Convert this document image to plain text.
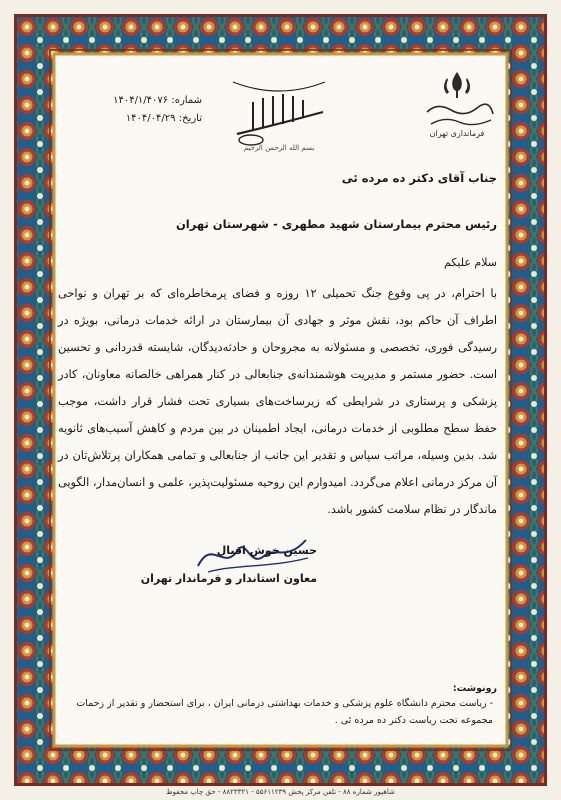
فرمانداری تهران
بسم الله الرحمن الرحیم
شماره: ۱۴۰۴/۱/۴۰۷۶
تاریخ: ۱۴۰۴/۰۴/۲۹
جناب آقای دکتر ده مرده ئی
رئیس محترم بیمارستان شهید مطهری - شهرستان تهران
سلام علیکم
با احترام، در پی وقوع جنگ تحمیلی ۱۲ روزه و فضای پرمخاطره‌ای که بر تهران و نواحی اطراف آن حاکم بود، نقش موثر و جهادی آن بیمارستان در ارائه خدمات درمانی، بویژه در رسیدگی فوری، تخصصی و مسئولانه به مجروحان و حادثه‌دیدگان، شایسته قدردانی و تحسین است. حضور مستمر و مدیریت هوشمندانه‌ی جنابعالی در کنار همراهی خالصانه معاونان، کادر پزشکی و پرستاری در شرایطی که زیرساخت‌های بسیاری تحت فشار قرار داشت، موجب حفظ سطح مطلوبی از خدمات درمانی، ایجاد اطمینان در بین مردم و کاهش آسیب‌های ثانویه شد. بدین وسیله، مراتب سپاس و تقدیر این جانب از جنابعالی و تمامی همکاران پرتلاش‌تان در آن مرکز درمانی اعلام می‌گردد. امیدوارم این روحیه مسئولیت‌پذیر، علمی و انسان‌مدار، الگویی ماندگار در نظام سلامت کشور باشد.
حسین خوش اقبال
معاون استاندار و فرماندار تهران
رونوشت:
- ریاست محترم دانشگاه علوم پزشکی و خدمات بهداشتی درمانی ایران ، برای استحضار و تقدیر از زحمات مجموعه تحت ریاست دکتر ده مرده ئی .
شاهپور شماره ۸۸ - تلفن مرکز پخش ۵۵۶۱۱۲۳۹ - ۸۸۲۳۳۲۱ - حق چاپ محفوظ
